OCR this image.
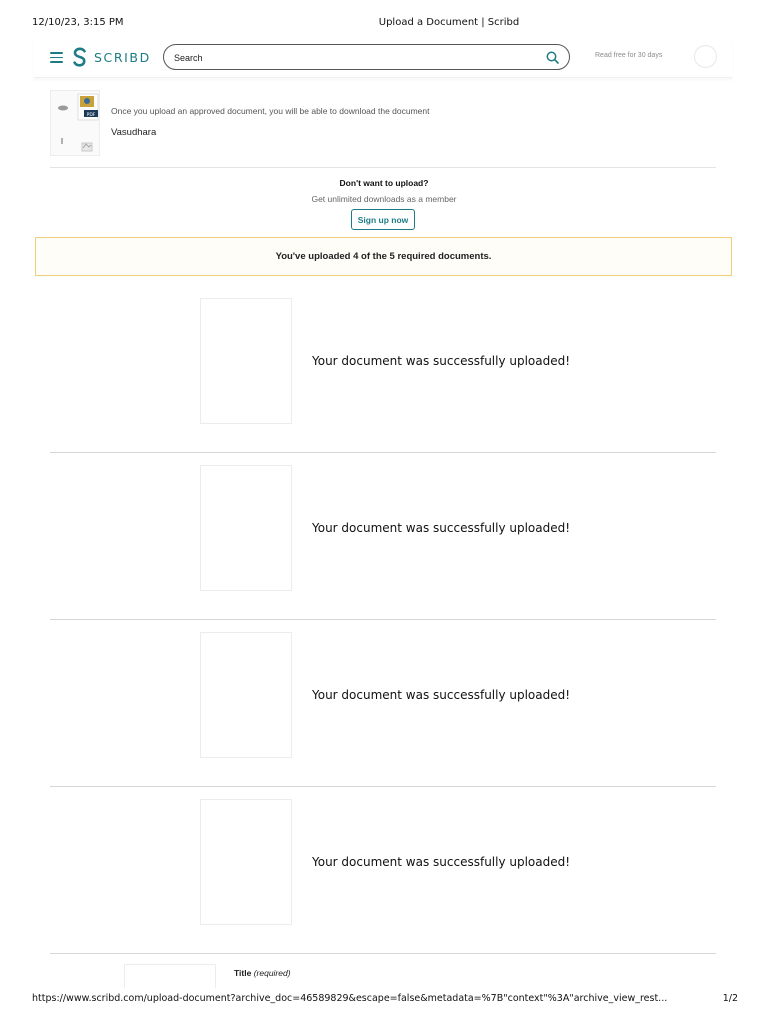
12/10/23, 3:15 PM	Upload a Document | Scribd
SCRIBD
Search	Read free for 30 days
PDF Once you upload an approved document, you will be able to download the document
Vasudhara
Don't want to upload?
Get unlimited downloads as a member
Sign up now
You've uploaded 4 of the 5 required documents.
Your document was successfully uploaded!
Your document was successfully uploaded!
Your document was successfully uploaded!
Your document was successfully uploaded!
Title (required)
https://www.scribd.com/upload-document?archive_doc=46589829&escape=false&metadata=%7B"context"%3A"archive_view_rest...	1/2
